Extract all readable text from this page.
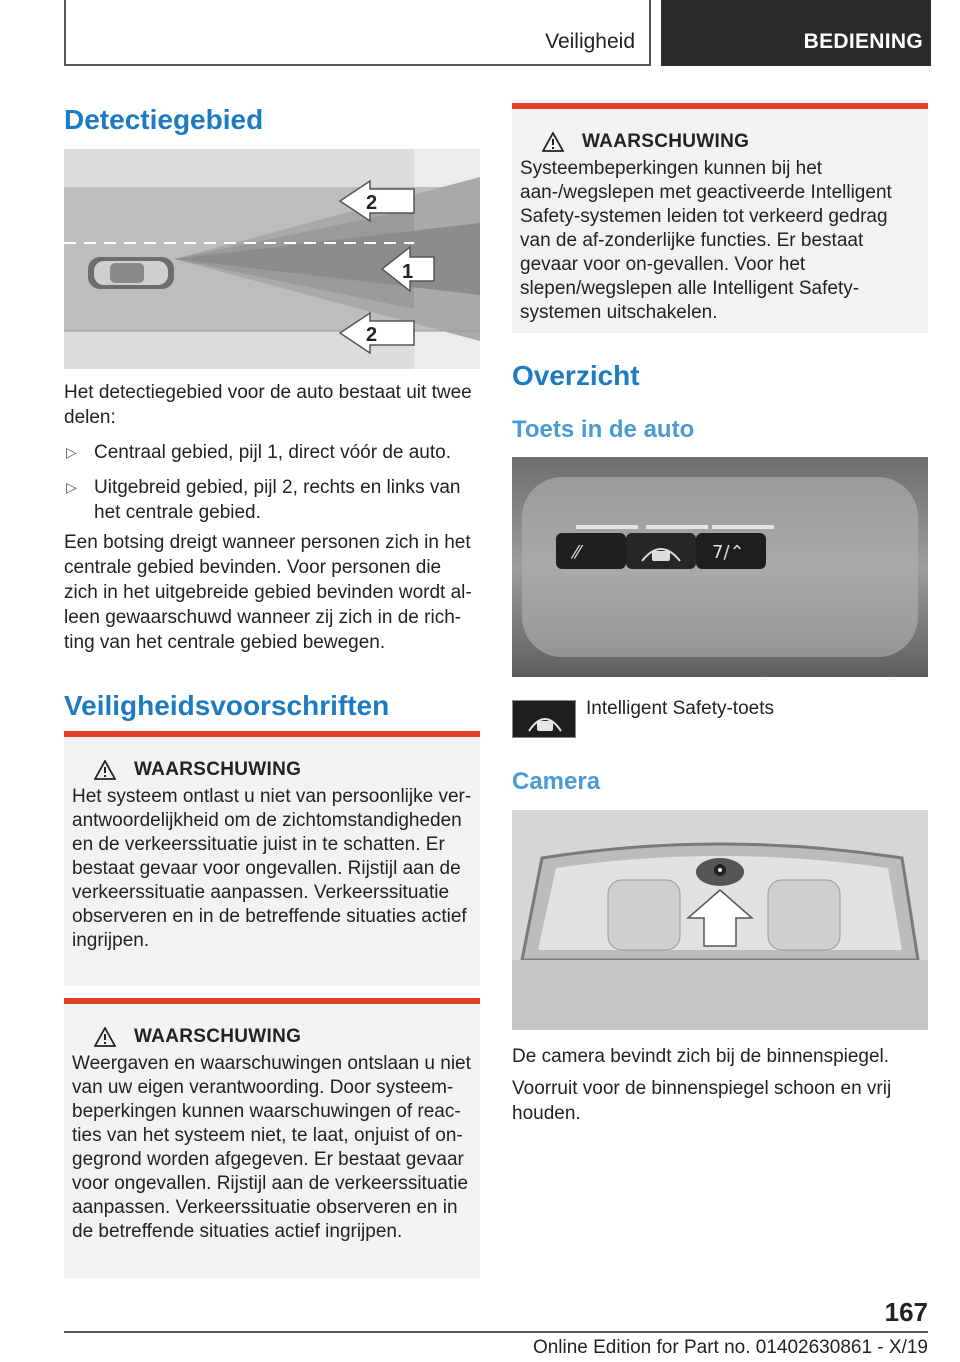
Veiligheid	BEDIENING
Detectiegebied
2
1
2

Het detectiegebied voor de auto bestaat uit twee delen:

▷ Centraal gebied, pijl 1, direct vóór de auto.
▷ Uitgebreid gebied, pijl 2, rechts en links van het centrale gebied.

Een botsing dreigt wanneer personen zich in het centrale gebied bevinden. Voor personen die zich in het uitgebreide gebied bevinden wordt al-leen gewaarschuwd wanneer zij zich in de rich-ting van het centrale gebied bewegen.

Veiligheidsvoorschriften
WAARSCHUWING

Het systeem ontlast u niet van persoonlijke ver-antwoordelijkheid om de zichtomstandigheden en de verkeerssituatie juist in te schatten. Er bestaat gevaar voor ongevallen. Rijstijl aan de verkeerssituatie aanpassen. Verkeerssituatie observeren en in de betreffende situaties actief ingrijpen.

WAARSCHUWING

Weergaven en waarschuwingen ontslaan u niet van uw eigen verantwoording. Door systeem-beperkingen kunnen waarschuwingen of reac-ties van het systeem niet, te laat, onjuist of on-gegrond worden afgegeven. Er bestaat gevaar voor ongevallen. Rijstijl aan de verkeerssituatie aanpassen. Verkeerssituatie observeren en in de betreffende situaties actief ingrijpen.

WAARSCHUWING

Systeembeperkingen kunnen bij het aan-/wegslepen met geactiveerde Intelligent Safety-systemen leiden tot verkeerd gedrag van de af-zonderlijke functies. Er bestaat gevaar voor on-gevallen. Voor het slepen/wegslepen alle Intelligent Safety-systemen uitschakelen.

Overzicht
Toets in de auto
⁄⁄	7/⌃

Intelligent Safety-toets

Camera

De camera bevindt zich bij de binnenspiegel.

Voorruit voor de binnenspiegel schoon en vrij houden.

167
Online Edition for Part no. 01402630861 - X/19
